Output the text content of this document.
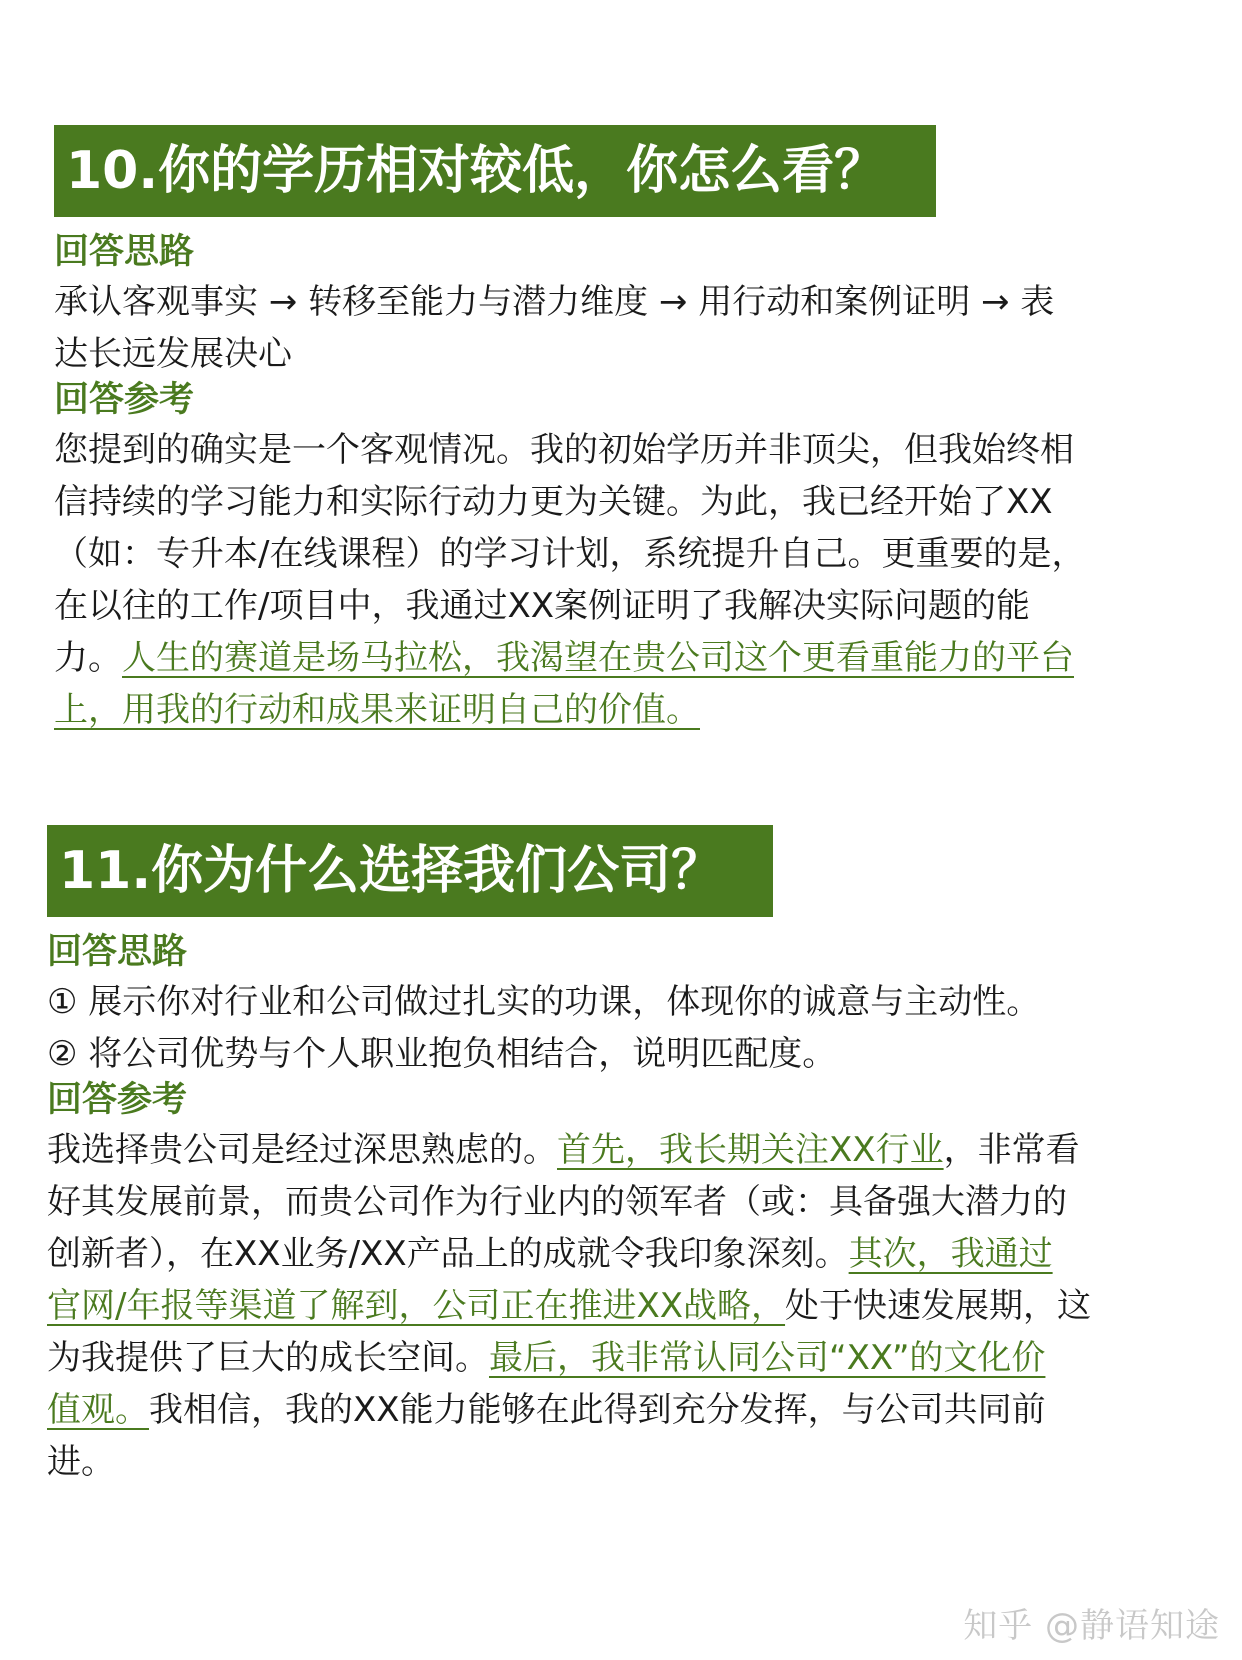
10.你的学历相对较低，你怎么看？
回答思路
承认客观事实 → 转移至能力与潜力维度 → 用行动和案例证明 → 表
达长远发展决心
回答参考
您提到的确实是一个客观情况。我的初始学历并非顶尖，但我始终相
信持续的学习能力和实际行动力更为关键。为此，我已经开始了XX
（如：专升本/在线课程）的学习计划，系统提升自己。更重要的是，
在以往的工作/项目中，我通过XX案例证明了我解决实际问题的能
力。人生的赛道是场马拉松，我渴望在贵公司这个更看重能力的平台
上，用我的行动和成果来证明自己的价值。
11.你为什么选择我们公司？
回答思路
① 展示你对行业和公司做过扎实的功课，体现你的诚意与主动性。
② 将公司优势与个人职业抱负相结合，说明匹配度。
回答参考
我选择贵公司是经过深思熟虑的。首先，我长期关注XX行业，非常看
好其发展前景，而贵公司作为行业内的领军者（或：具备强大潜力的
创新者），在XX业务/XX产品上的成就令我印象深刻。其次，我通过
官网/年报等渠道了解到，公司正在推进XX战略，处于快速发展期，这
为我提供了巨大的成长空间。最后，我非常认同公司“XX”的文化价
值观。我相信，我的XX能力能够在此得到充分发挥，与公司共同前
进。
知乎 @静语知途
